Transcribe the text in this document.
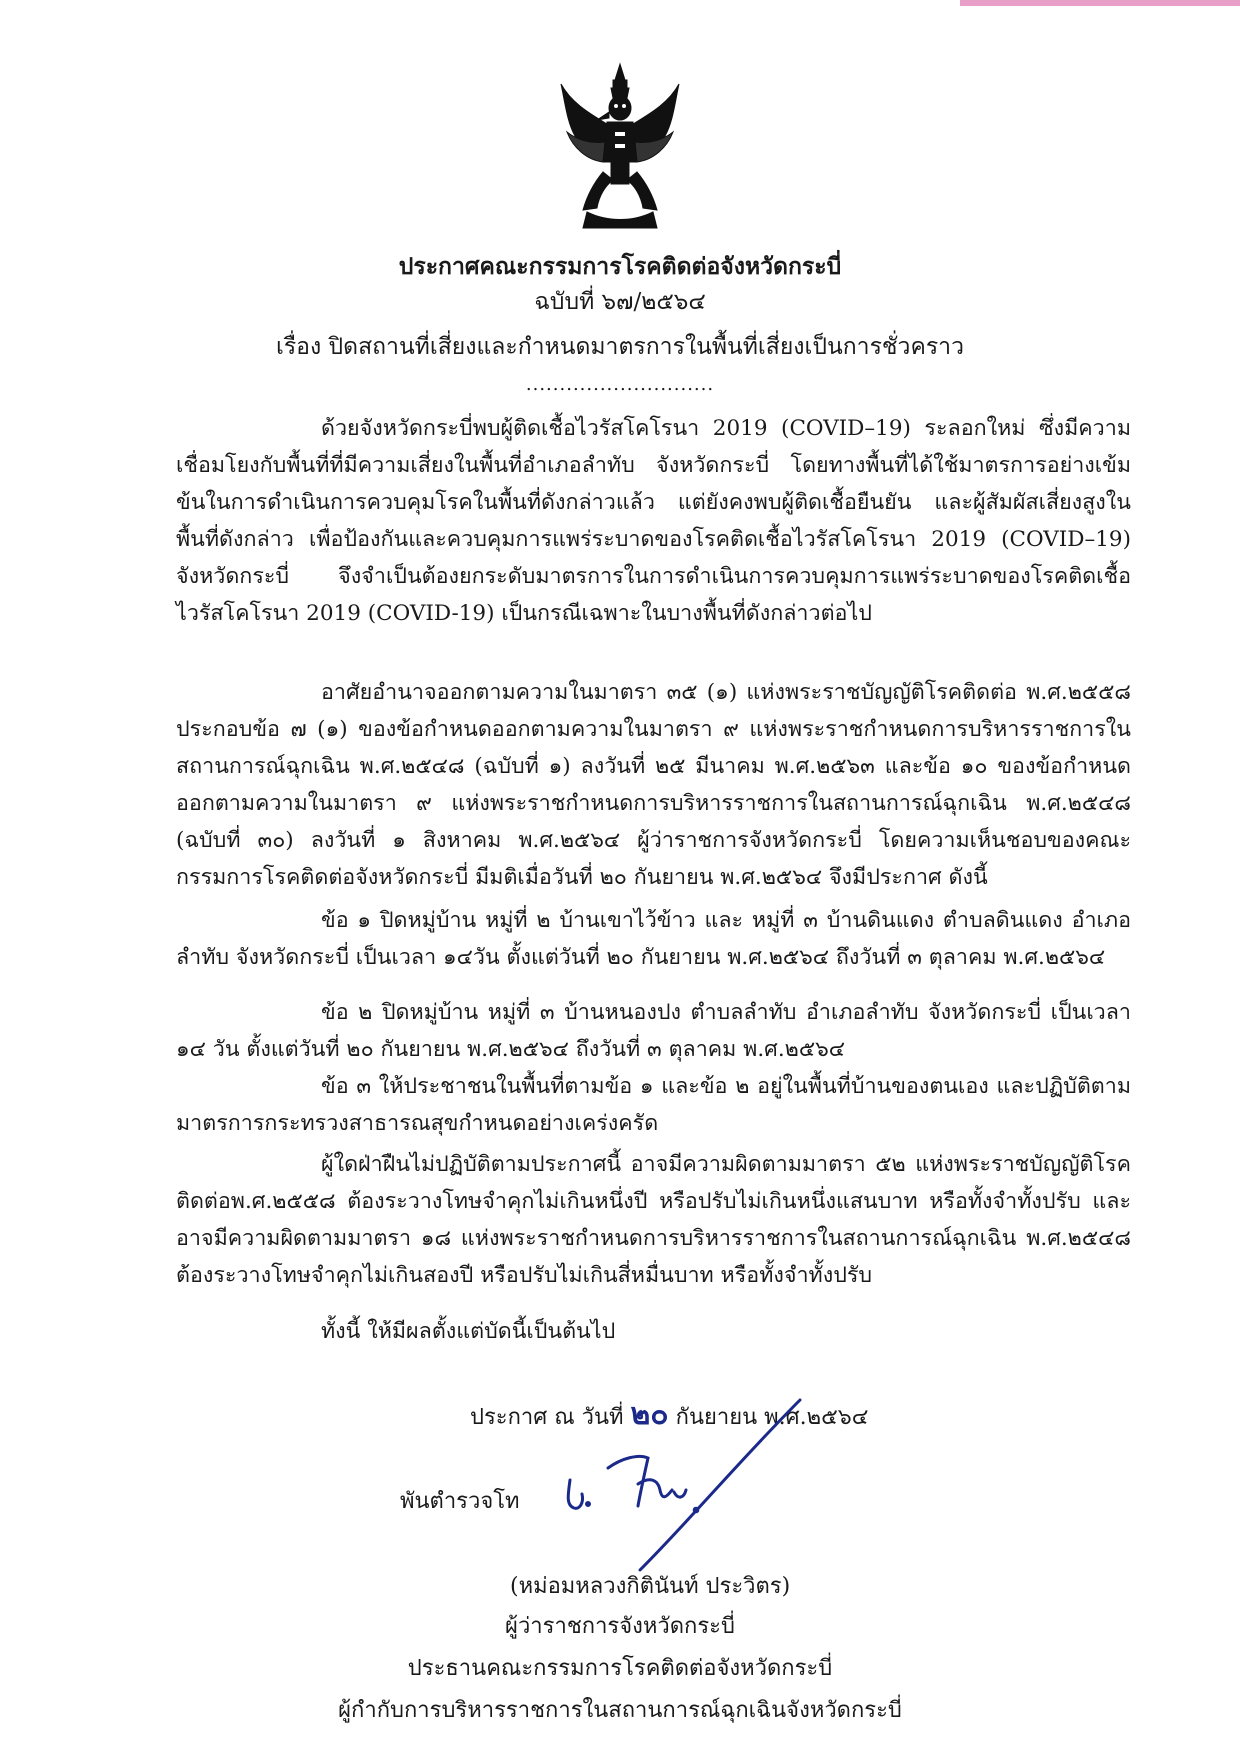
ประกาศคณะกรรมการโรคติดต่อจังหวัดกระบี่
ฉบับที่ ๖๗/๒๕๖๔
เรื่อง ปิดสถานที่เสี่ยงและกำหนดมาตรการในพื้นที่เสี่ยงเป็นการชั่วคราว
............................

ด้วยจังหวัดกระบี่พบผู้ติดเชื้อไวรัสโคโรนา 2019 (COVID–19) ระลอกใหม่ ซึ่งมีความเชื่อมโยงกับพื้นที่ที่มีความเสี่ยงในพื้นที่อำเภอลำทับ จังหวัดกระบี่ โดยทางพื้นที่ได้ใช้มาตรการอย่างเข้มข้นในการดำเนินการควบคุมโรคในพื้นที่ดังกล่าวแล้ว แต่ยังคงพบผู้ติดเชื้อยืนยัน และผู้สัมผัสเสี่ยงสูงในพื้นที่ดังกล่าว เพื่อป้องกันและควบคุมการแพร่ระบาดของโรคติดเชื้อไวรัสโคโรนา 2019 (COVID–19) จังหวัดกระบี่ จึงจำเป็นต้องยกระดับมาตรการในการดำเนินการควบคุมการแพร่ระบาดของโรคติดเชื้อไวรัสโคโรนา 2019 (COVID-19) เป็นกรณีเฉพาะในบางพื้นที่ดังกล่าวต่อไป

อาศัยอำนาจออกตามความในมาตรา ๓๕ (๑) แห่งพระราชบัญญัติโรคติดต่อ พ.ศ.๒๕๕๘ ประกอบข้อ ๗ (๑) ของข้อกำหนดออกตามความในมาตรา ๙ แห่งพระราชกำหนดการบริหารราชการในสถานการณ์ฉุกเฉิน พ.ศ.๒๕๔๘ (ฉบับที่ ๑) ลงวันที่ ๒๕ มีนาคม พ.ศ.๒๕๖๓ และข้อ ๑๐ ของข้อกำหนดออกตามความในมาตรา ๙ แห่งพระราชกำหนดการบริหารราชการในสถานการณ์ฉุกเฉิน พ.ศ.๒๕๔๘ (ฉบับที่ ๓๐) ลงวันที่ ๑ สิงหาคม พ.ศ.๒๕๖๔ ผู้ว่าราชการจังหวัดกระบี่ โดยความเห็นชอบของคณะกรรมการโรคติดต่อจังหวัดกระบี่ มีมติเมื่อวันที่ ๒๐ กันยายน พ.ศ.๒๕๖๔ จึงมีประกาศ ดังนี้

ข้อ ๑ ปิดหมู่บ้าน หมู่ที่ ๒ บ้านเขาไว้ข้าว และ หมู่ที่ ๓ บ้านดินแดง ตำบลดินแดง อำเภอลำทับ จังหวัดกระบี่ เป็นเวลา ๑๔วัน ตั้งแต่วันที่ ๒๐ กันยายน พ.ศ.๒๕๖๔ ถึงวันที่ ๓ ตุลาคม พ.ศ.๒๕๖๔

ข้อ ๒ ปิดหมู่บ้าน หมู่ที่ ๓ บ้านหนองปง ตำบลลำทับ อำเภอลำทับ จังหวัดกระบี่ เป็นเวลา ๑๔ วัน ตั้งแต่วันที่ ๒๐ กันยายน พ.ศ.๒๕๖๔ ถึงวันที่ ๓ ตุลาคม พ.ศ.๒๕๖๔

ข้อ ๓ ให้ประชาชนในพื้นที่ตามข้อ ๑ และข้อ ๒ อยู่ในพื้นที่บ้านของตนเอง และปฏิบัติตามมาตรการกระทรวงสาธารณสุขกำหนดอย่างเคร่งครัด

ผู้ใดฝ่าฝืนไม่ปฏิบัติตามประกาศนี้ อาจมีความผิดตามมาตรา ๕๒ แห่งพระราชบัญญัติโรคติดต่อพ.ศ.๒๕๕๘ ต้องระวางโทษจำคุกไม่เกินหนึ่งปี หรือปรับไม่เกินหนึ่งแสนบาท หรือทั้งจำทั้งปรับ และอาจมีความผิดตามมาตรา ๑๘ แห่งพระราชกำหนดการบริหารราชการในสถานการณ์ฉุกเฉิน พ.ศ.๒๕๔๘ ต้องระวางโทษจำคุกไม่เกินสองปี หรือปรับไม่เกินสี่หมื่นบาท หรือทั้งจำทั้งปรับ

ทั้งนี้ ให้มีผลตั้งแต่บัดนี้เป็นต้นไป

ประกาศ ณ วันที่ ๒๐ กันยายน พ.ศ.๒๕๖๔
พันตำรวจโท
(หม่อมหลวงกิตินันท์ ประวิตร)
ผู้ว่าราชการจังหวัดกระบี่
ประธานคณะกรรมการโรคติดต่อจังหวัดกระบี่
ผู้กำกับการบริหารราชการในสถานการณ์ฉุกเฉินจังหวัดกระบี่
